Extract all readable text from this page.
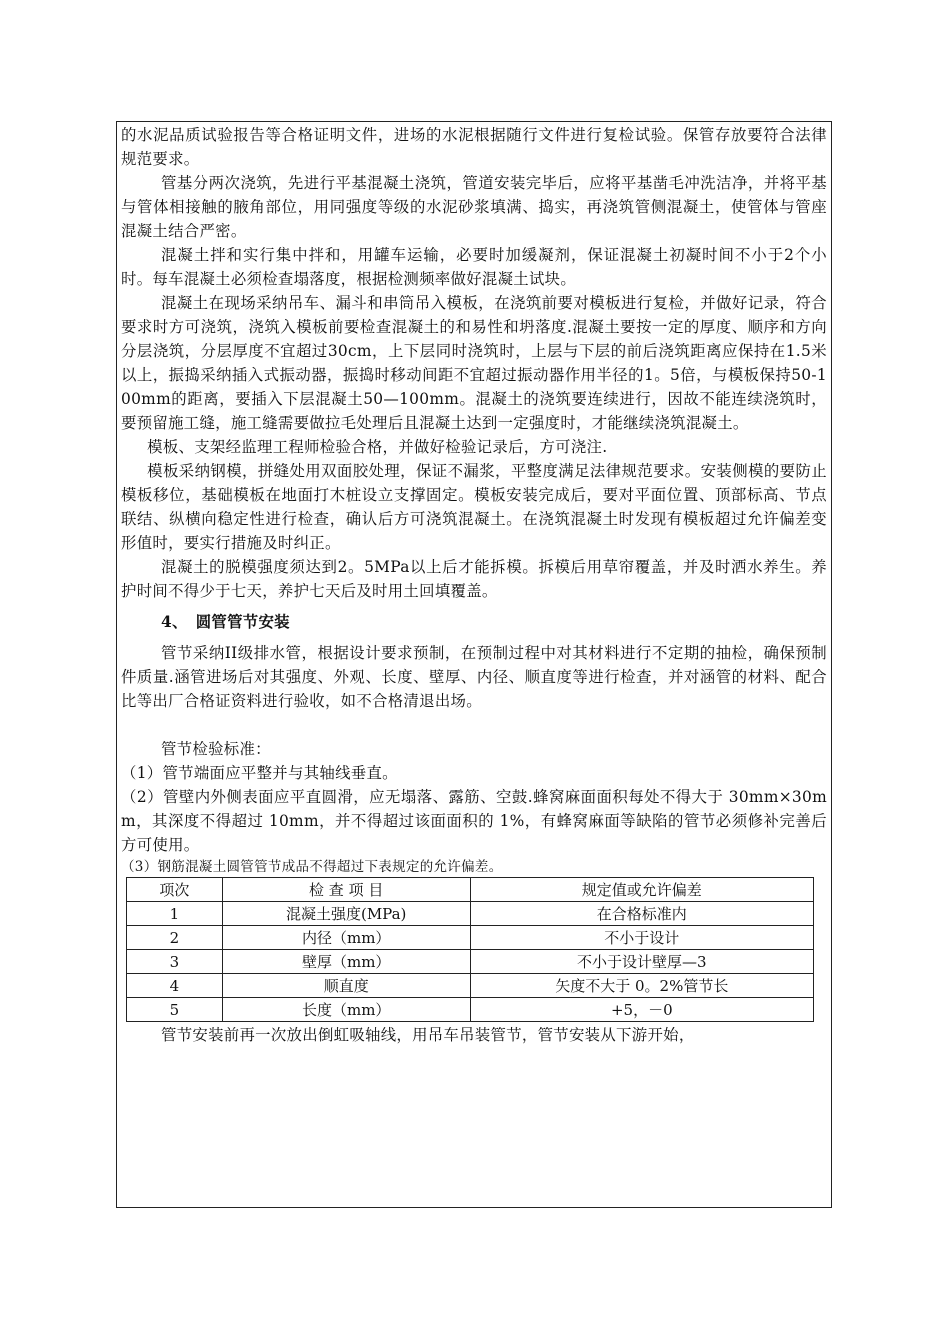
的水泥品质试验报告等合格证明文件，进场的水泥根据随行文件进行复检试验。保管存放要符合法律规范要求。

管基分两次浇筑，先进行平基混凝土浇筑，管道安装完毕后，应将平基凿毛冲洗洁净，并将平基与管体相接触的腋角部位，用同强度等级的水泥砂浆填满、捣实，再浇筑管侧混凝土，使管体与管座混凝土结合严密。

混凝土拌和实行集中拌和，用罐车运输，必要时加缓凝剂，保证混凝土初凝时间不小于2个小时。每车混凝土必须检查塌落度，根据检测频率做好混凝土试块。

混凝土在现场采纳吊车、漏斗和串筒吊入模板，在浇筑前要对模板进行复检，并做好记录，符合要求时方可浇筑，浇筑入模板前要检查混凝土的和易性和坍落度.混凝土要按一定的厚度、顺序和方向分层浇筑，分层厚度不宜超过30cm，上下层同时浇筑时，上层与下层的前后浇筑距离应保持在1.5米以上，振捣采纳插入式振动器，振捣时移动间距不宜超过振动器作用半径的1。5倍，与模板保持50-100mm的距离，要插入下层混凝土50—100mm。混凝土的浇筑要连续进行，因故不能连续浇筑时，要预留施工缝，施工缝需要做拉毛处理后且混凝土达到一定强度时，才能继续浇筑混凝土。

模板、支架经监理工程师检验合格，并做好检验记录后，方可浇注.

模板采纳钢模，拼缝处用双面胶处理，保证不漏浆，平整度满足法律规范要求。安装侧模的要防止模板移位，基础模板在地面打木桩设立支撑固定。模板安装完成后，要对平面位置、顶部标高、节点联结、纵横向稳定性进行检查，确认后方可浇筑混凝土。在浇筑混凝土时发现有模板超过允许偏差变形值时，要实行措施及时纠正。

混凝土的脱模强度须达到2。5MPa以上后才能拆模。拆模后用草帘覆盖，并及时洒水养生。养护时间不得少于七天，养护七天后及时用土回填覆盖。

4、　圆管管节安装

管节采纳II级排水管，根据设计要求预制，在预制过程中对其材料进行不定期的抽检，确保预制件质量.涵管进场后对其强度、外观、长度、壁厚、内径、顺直度等进行检查，并对涵管的材料、配合比等出厂合格证资料进行验收，如不合格清退出场。

管节检验标准：

（1）管节端面应平整并与其轴线垂直。

（2）管壁内外侧表面应平直圆滑，应无塌落、露筋、空鼓.蜂窝麻面面积每处不得大于 30mm×30mm，其深度不得超过 10mm，并不得超过该面面积的 1%，有蜂窝麻面等缺陷的管节必须修补完善后方可使用。

（3）钢筋混凝土圆管管节成品不得超过下表规定的允许偏差。

项次	检 查 项 目	规定值或允许偏差
1	混凝土强度(MPa)	在合格标准内
2	内径（mm）	不小于设计
3	壁厚（mm）	不小于设计壁厚—3
4	顺直度	矢度不大于 0。2%管节长
5	长度（mm）	+5，－0

管节安装前再一次放出倒虹吸轴线，用吊车吊装管节，管节安装从下游开始，
